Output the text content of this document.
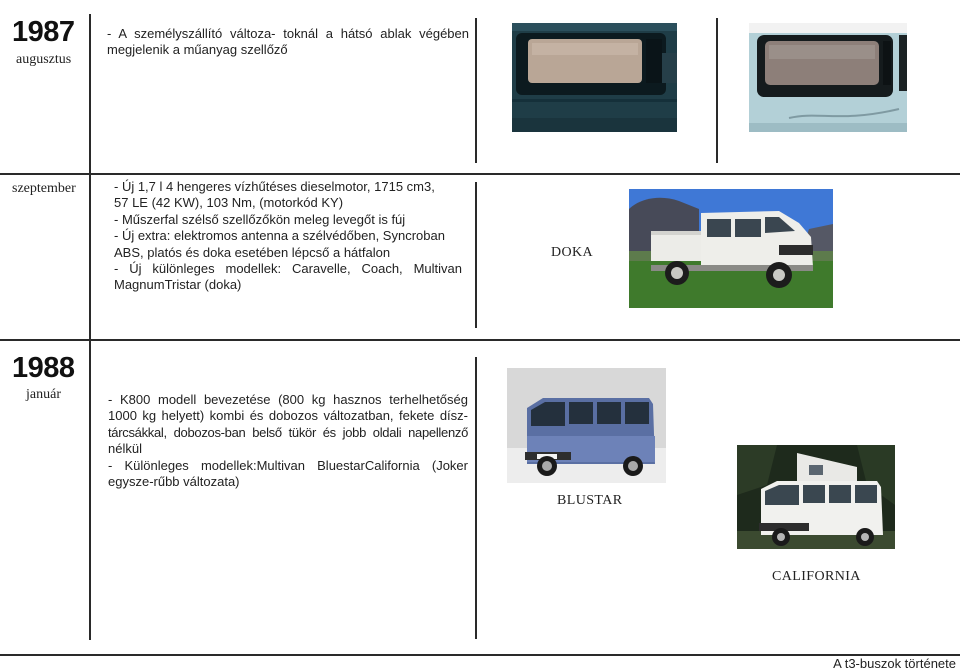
1987
augusztus
- A személyszállító változa- toknál a hátsó ablak végében
megjelenik a műanyag szellőző
szeptember	- Új 1,7 l 4 hengeres vízhűtéses dieselmotor, 1715 cm3,
57 LE (42 KW), 103 Nm, (motorkód KY)
- Műszerfal szélső szellőzőkön meleg levegőt is fúj
- Új extra: elektromos antenna a szélvédőben, Syncroban
ABS, platós és doka esetében lépcső a hátfalon
- Új különleges modellek: Caravelle, Coach, Multivan
MagnumTristar (doka)
DOKA
1988
január	- K800 modell bevezetése (800 kg hasznos terhelhetőség
1000 kg helyett) kombi és dobozos változatban, fekete dísz-
tárcsákkal, dobozos-ban belső tükör és jobb oldali napellenző
nélkül
- Különleges modellek:Multivan BluestarCalifornia (Joker
egysze-rűbb változata)
BLUSTAR
CALIFORNIA
A t3-buszok története
